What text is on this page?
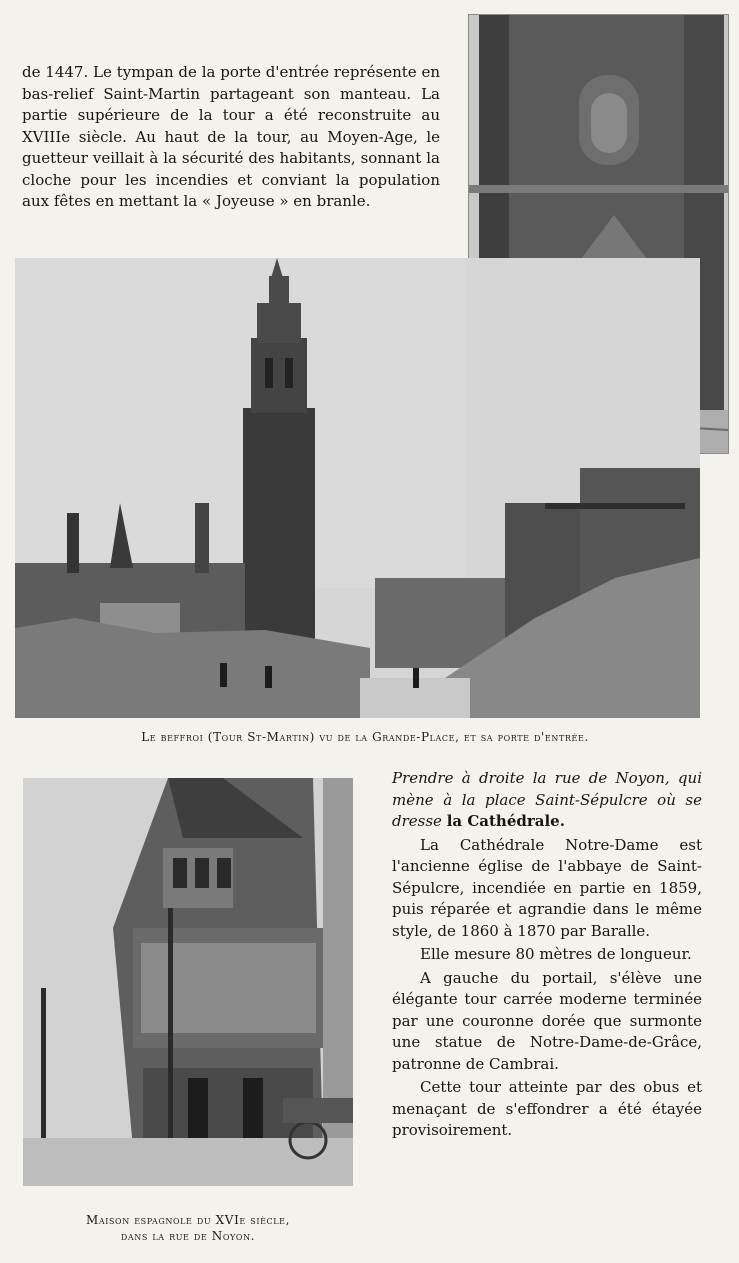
de 1447. Le tympan de la porte d'entrée représente en bas-relief Saint-Martin partageant son manteau. La partie supérieure de la tour a été reconstruite au XVIIIe siècle. Au haut de la tour, au Moyen-Age, le guetteur veillait à la sécurité des habitants, sonnant la cloche pour les incendies et conviant la population aux fêtes en mettant la « Joyeuse » en branle.
Le beffroi (Tour St-Martin) vu de la Grande-Place, et sa porte d'entrée.
Maison espagnole du XVIe siècle,
dans la rue de Noyon.

Prendre à droite la rue de Noyon, qui mène à la place Saint-Sépulcre où se dresse la Cathédrale.

La Cathédrale Notre-Dame est l'ancienne église de l'abbaye de Saint-Sépulcre, incendiée en partie en 1859, puis réparée et agrandie dans le même style, de 1860 à 1870 par Baralle.

Elle mesure 80 mètres de longueur.

A gauche du portail, s'élève une élégante tour carrée moderne terminée par une couronne dorée que surmonte une statue de Notre-Dame-de-Grâce, patronne de Cambrai.

Cette tour atteinte par des obus et menaçant de s'effondrer a été étayée provisoirement.
